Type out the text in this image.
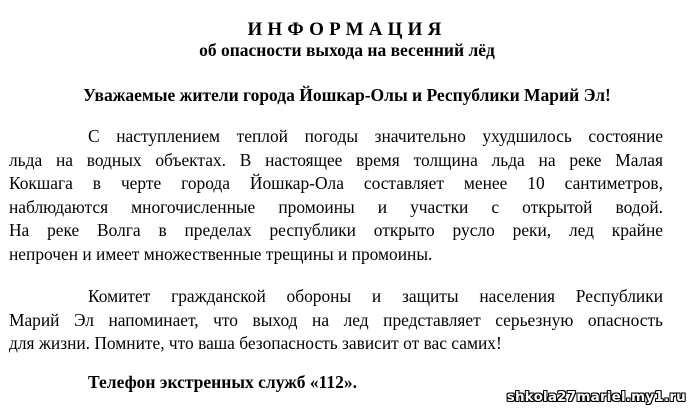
ИНФОРМАЦИЯ
об опасности выхода на весенний лёд
Уважаемые жители города Йошкар-Олы и Республики Марий Эл!
С наступлением теплой погоды значительно ухудшилось состояние
льда на водных объектах. В настоящее время толщина льда на реке Малая
Кокшага в черте города Йошкар-Ола составляет менее 10 сантиметров,
наблюдаются многочисленные промоины и участки с открытой водой.
На реке Волга в пределах республики открыто русло реки, лед крайне
непрочен и имеет множественные трещины и промоины.
Комитет гражданской обороны и защиты населения Республики
Марий Эл напоминает, что выход на лед представляет серьезную опасность
для жизни. Помните, что ваша безопасность зависит от вас самих!
Телефон экстренных служб «112».
shkola27mariel.my1.ru
